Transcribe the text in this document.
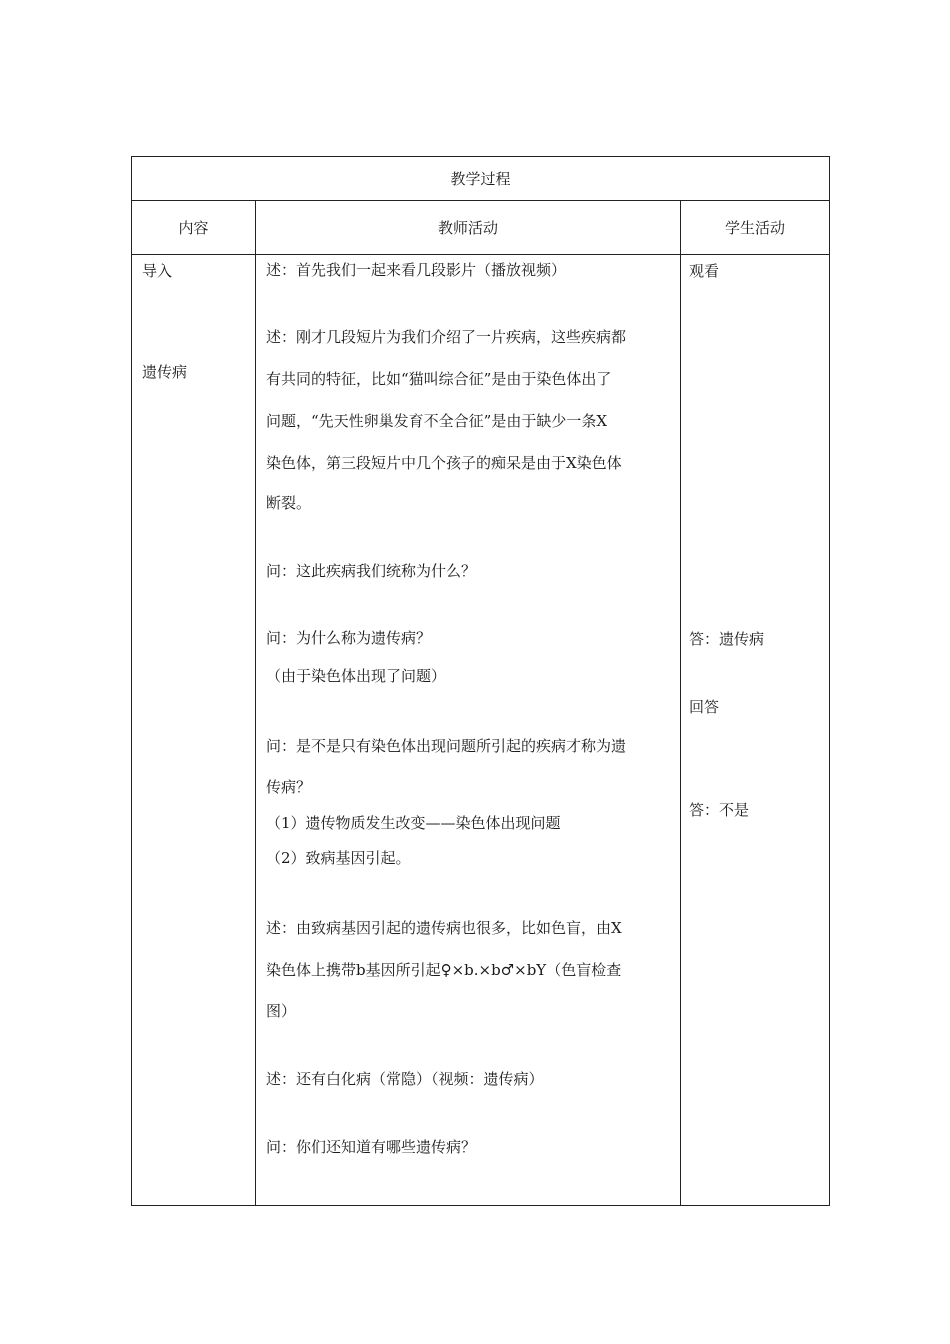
教学过程
内容	教师活动	学生活动
导入
遗传病
述：首先我们一起来看几段影片（播放视频）
述：刚才几段短片为我们介绍了一片疾病，这些疾病都
有共同的特征，比如“猫叫综合征”是由于染色体出了
问题，“先天性卵巢发育不全合征”是由于缺少一条X
染色体，第三段短片中几个孩子的痴呆是由于X染色体
断裂。
问：这此疾病我们统称为什么？
问：为什么称为遗传病？
（由于染色体出现了问题）
问：是不是只有染色体出现问题所引起的疾病才称为遗
传病？
（1）遗传物质发生改变——染色体出现问题
（2）致病基因引起。
述：由致病基因引起的遗传病也很多，比如色盲，由X
染色体上携带b基因所引起♀×b.×b♂×bY（色盲检查
图）
述：还有白化病（常隐）（视频：遗传病）
问：你们还知道有哪些遗传病？
观看
答：遗传病
回答
答：不是
